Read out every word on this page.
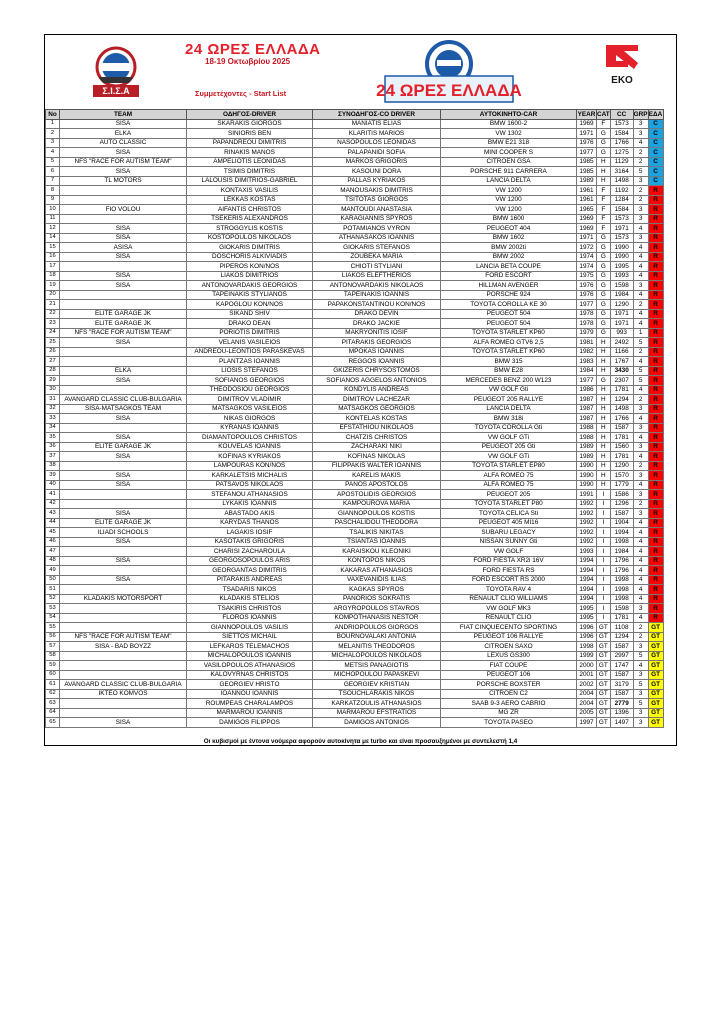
Σ.Ι.Σ.Α
24 ΩΡΕΣ ΕΛΛΑΔΑ
18-19 Οκτωβρίου 2025
Συμμετέχοντες - Start List	24 ΩΡΕΣ ΕΛΛΑΔΑ
EKO
No	TEAM	ΟΔΗΓΟΣ-DRIVER	ΣΥΝΟΔΗΓΟΣ-CO DRIVER	ΑΥΤΟΚΙΝΗΤΟ-CAR	YEAR	CAT	CC	GRP	ΕΔΑ
1	SISA	SKARAKIS GIORGOS	MANIATIS ELIAS	BMW 1600-2	1969	F	1573	3	C
2	ELKA	SINIORIS BEN	KLARITIS MARIOS	VW 1302	1971	G	1584	3	C
3	AUTO CLASSIC	PAPANDREOU DIMITRIS	NASOPOULOS LEONIDAS	BMW E21 318	1976	G	1766	4	C
4	SISA	RINAKIS MANOS	PALAPANIDI SOFIA	MINI COOPER S	1977	G	1275	2	C
5	NFS "RACE FOR AUTISM TEAM"	AMPELIOTIS LEONIDAS	MARKOS GRIGORIS	CITROEN GSA	1985	H	1129	2	C
6	SISA	TSIMIS DIMITRIS	KASOUNI DORA	PORSCHE 911 CARRERA	1985	H	3164	5	C
7	TL MOTORS	LALOUSIS DIMITRIOS-GABRIEL	PALLAS KYRIAKOS	LANCIA DELTA	1989	H	1498	3	C
8		KONTAXIS VASILIS	MANOUSAKIS DIMITRIS	VW 1200	1961	F	1192	2	R
9		LEKKAS KOSTAS	TSITOTAS GIORGOS	VW 1200	1961	F	1284	2	R
10	FIO VOLOU	AIFANTIS CHRISTOS	MANTOUDI ANASTASIA	VW 1200	1965	F	1584	3	R
11		TSEKERIS ALEXANDROS	KARAGIANNIS SPYROS	BMW 1600	1969	F	1573	3	R
12	SISA	STROGGYLIS KOSTIS	POTAMIANOS VYRON	PEUGEOT 404	1969	F	1971	4	R
14	SISA	KOSTOPOULOS NIKOLAOS	ATHANASAKOS IOANNIS	BMW 1602	1971	G	1573	3	R
15	ASISA	GIOKARIS DIMITRIS	GIOKARIS STEFANOS	BMW 2002ti	1972	G	1990	4	R
16	SISA	DOSCHORIS ALKIVIADIS	ZOUBEKA MARIA	BMW 2002	1974	G	1990	4	R
17		PIPEROS KON/NOS	CHIOTI STYLIANI	LANCIA BETA COUPE	1974	G	1995	4	R
18	SISA	LIAKOS DIMITRIOS	LIAKOS ELEFTHERIOS	FORD ESCORT	1975	G	1993	4	R
19	SISA	ANTONOVARDAKIS GEORGIOS	ANTONOVARDAKIS NIKOLAOS	HILLMAN AVENGER	1976	G	1598	3	R
20		TAPEINAKIS STYLIANOS	TAPEINAKIS IOANNIS	PORSCHE 924	1976	G	1984	4	R
21		KAPOGLOU KON/NOS	PAPAKONSTANTINOU KON/NOS	TOYOTA COROLLA KE 30	1977	G	1290	2	R
22	ELITE GARAGE JK	SIKAND SHIV	DRAKO DEVIN	PEUGEOT 504	1978	G	1971	4	R
23	ELITE GARAGE JK	DRAKO DEAN	DRAKO JACKIE	PEUGEOT 504	1978	G	1971	4	R
24	NFS "RACE FOR AUTISM TEAM"	PORIOTIS DIMITRIS	MAKRYONITIS IOSIF	TOYOTA STARLET KP60	1979	G	993	1	R
25	SISA	VELANIS VASILEIOS	PITARAKIS GEORGIOS	ALFA ROMEO GTV6 2,5	1981	H	2492	5	R
26		ANDREOU-LEONTIOS PARASKEVAS	MPOKAS IOANNIS	TOYOTA STARLET KP60	1982	H	1166	2	R
27		PLANTZAS IOANNIS	REGGOS IOANNIS	BMW 315	1983	H	1767	4	R
28	ELKA	LIOSIS STEFANOS	GKIZERIS CHRYSOSTOMOS	BMW E28	1984	H	3430	5	R
29	SISA	SOFIANOS GEORGIOS	SOFIANOS AGGELOS ANTONIOS	MERCEDES BENZ 200 W123	1977	G	2307	5	R
30		THEODOSIOU GEORGIOS	KONDYLIS ANDREAS	VW GOLF Gti	1986	H	1781	4	R
31	AVANGARD CLASSIC CLUB-BULGARIA	DIMITROV VLADIMIR	DIMITROV LACHEZAR	PEUGEOT 205 RALLYE	1987	H	1294	2	R
32	SISA-MATSAGKOS TEAM	MATSAGKOS VASILEIOS	MATSAGKOS GEORGIOS	LANCIA DELTA	1987	H	1498	3	R
33	SISA	NIKAS GIORGOS	KONTELAS KOSTAS	BMW 318i	1987	H	1766	4	R
34		KYRANAS IOANNIS	EFSTATHIOU NIKOLAOS	TOYOTA COROLLA Gti	1988	H	1587	3	R
35	SISA	DIAMANTOPOULOS CHRISTOS	CHATZIS CHRISTOS	VW GOLF GTi	1988	H	1781	4	R
36	ELITE GARAGE JK	KOUVELAS IOANNIS	ZACHARAKI NIKI	PEUGEOT 205 Gti	1989	H	1560	3	R
37	SISA	KOFINAS KYRIAKOS	KOFINAS NIKOLAS	VW GOLF GTi	1989	H	1781	4	R
38		LAMPOURAS KON/NOS	FILIPPAKIS WALTER IOANNIS	TOYOTA STARLET EP80	1990	H	1290	2	R
39	SISA	KARKALETSIS MICHALIS	KARELIS MAKIS	ALFA ROMEO 75	1990	H	1570	3	R
40	SISA	PATSAVOS NIKOLAOS	PANOS APOSTOLOS	ALFA ROMEO 75	1990	H	1779	4	R
41		STEFANOU ATHANASIOS	APOSTOLIDIS GEORGIOS	PEUGEOT 205	1991	I	1586	3	R
42		LYKAKIS IOANNIS	KAMPOUROVA MARIA	TOYOTA STARLET P80	1992	I	1296	2	R
43	SISA	ABASTADO AKIS	GIANNOPOULOS KOSTIS	TOYOTA CELICA Sti	1992	I	1587	3	R
44	ELITE GARAGE JK	KARYDAS THANOS	PASCHALIDOU THEODORA	PEUGEOT 405 MI16	1992	I	1904	4	R
45	ILIADI SCHOOLS	LAGAKIS IOSIF	TSALIKIS NIKITAS	SUBARU LEGACY	1992	I	1994	4	R
46	SISA	KASOTAKIS GRIGORIS	TSIANTAS IOANNIS	NISSAN SUNNY Gti	1992	I	1998	4	R
47		CHARISI ZACHAROULA	KARAISKOU KLEONIKI	VW GOLF	1993	I	1984	4	R
48	SISA	GEORGOSOPOULOS ARIS	KONTOPOS NIKOS	FORD FIESTA XR2i 16V	1994	I	1796	4	R
49		GEORGANTAS DIMITRIS	KAKARAS ATHANASIOS	FORD FIESTA RS	1994	I	1796	4	R
50	SISA	PITARAKIS ANDREAS	VAXEVANIDIS ILIAS	FORD ESCORT RS 2000	1994	I	1998	4	R
51		TSADARIS NIKOS	KAGKAS SPYROS	TOYOTA RAV 4	1994	I	1998	4	R
52	KLADAKIS MOTORSPORT	KLADAKIS STELIOS	PANORIOS SOKRATIS	RENAULT CLIO WILLIAMS	1994	I	1998	4	R
53		TSAKIRIS CHRISTOS	ARGYROPOULOS STAVROS	VW GOLF MK3	1995	I	1598	3	R
54		FLOROS IOANNIS	KOMPOTHANASIS NESTOR	RENAULT CLIO	1995	I	1781	4	R
55		GIANNOPOULOS VASILIS	ANDRIOPOULOS GIORGOS	FIAT CINQUECENTO SPORTING	1996	GT	1108	2	GT
56	NFS "RACE FOR AUTISM TEAM"	SIETTOS MICHAIL	BOURNOVALAKI ANTONIA	PEUGEOT 106 RALLYE	1996	GT	1294	2	GT
57	SISA - BAD BOYZZ	LEFKAROS TELEMACHOS	MELANITIS THEODOROS	CITROEN SAXO	1998	GT	1587	3	GT
58		MICHALOPOULOS IOANNIS	MICHALOPOULOS NIKOLAOS	LEXUS GS300	1999	GT	2997	5	GT
59		VASILOPOULOS ATHANASIOS	METSIS PANAGIOTIS	FIAT COUPE	2000	GT	1747	4	GT
60		KALOVYRNAS CHRISTOS	MICHOPOULOU PAPASKEVI	PEUGEOT 106	2001	GT	1587	3	GT
61	AVANGARD CLASSIC CLUB-BULGARIA	GEORGIEV HRISTO	GEORGIEV KRISTIAN	PORSCHE BOXSTER	2002	GT	3179	5	GT
62	IKTEO KOMVOS	IOANNOU IOANNIS	TSOUCHLARAKIS NIKOS	CITROEN C2	2004	GT	1587	3	GT
63		ROUMPEAS CHARALAMPOS	KARKATZOULIS ATHANASIOS	SAAB 9-3 AERO CABRIO	2004	GT	2779	5	GT
64		MARMAROU IOANNIS	MARMAROU EFSTRATIOS	MG ZR	2005	GT	1396	3	GT
65	SISA	DAMIGOS FILIPPOS	DAMIGOS ANTONIOS	TOYOTA PASEO	1997	GT	1497	3	GT
Οι κυβισμοί με έντονα νούμερα αφορούν αυτοκίνητα με turbo και είναι προσαυξημένοι με συντελεστή 1,4
